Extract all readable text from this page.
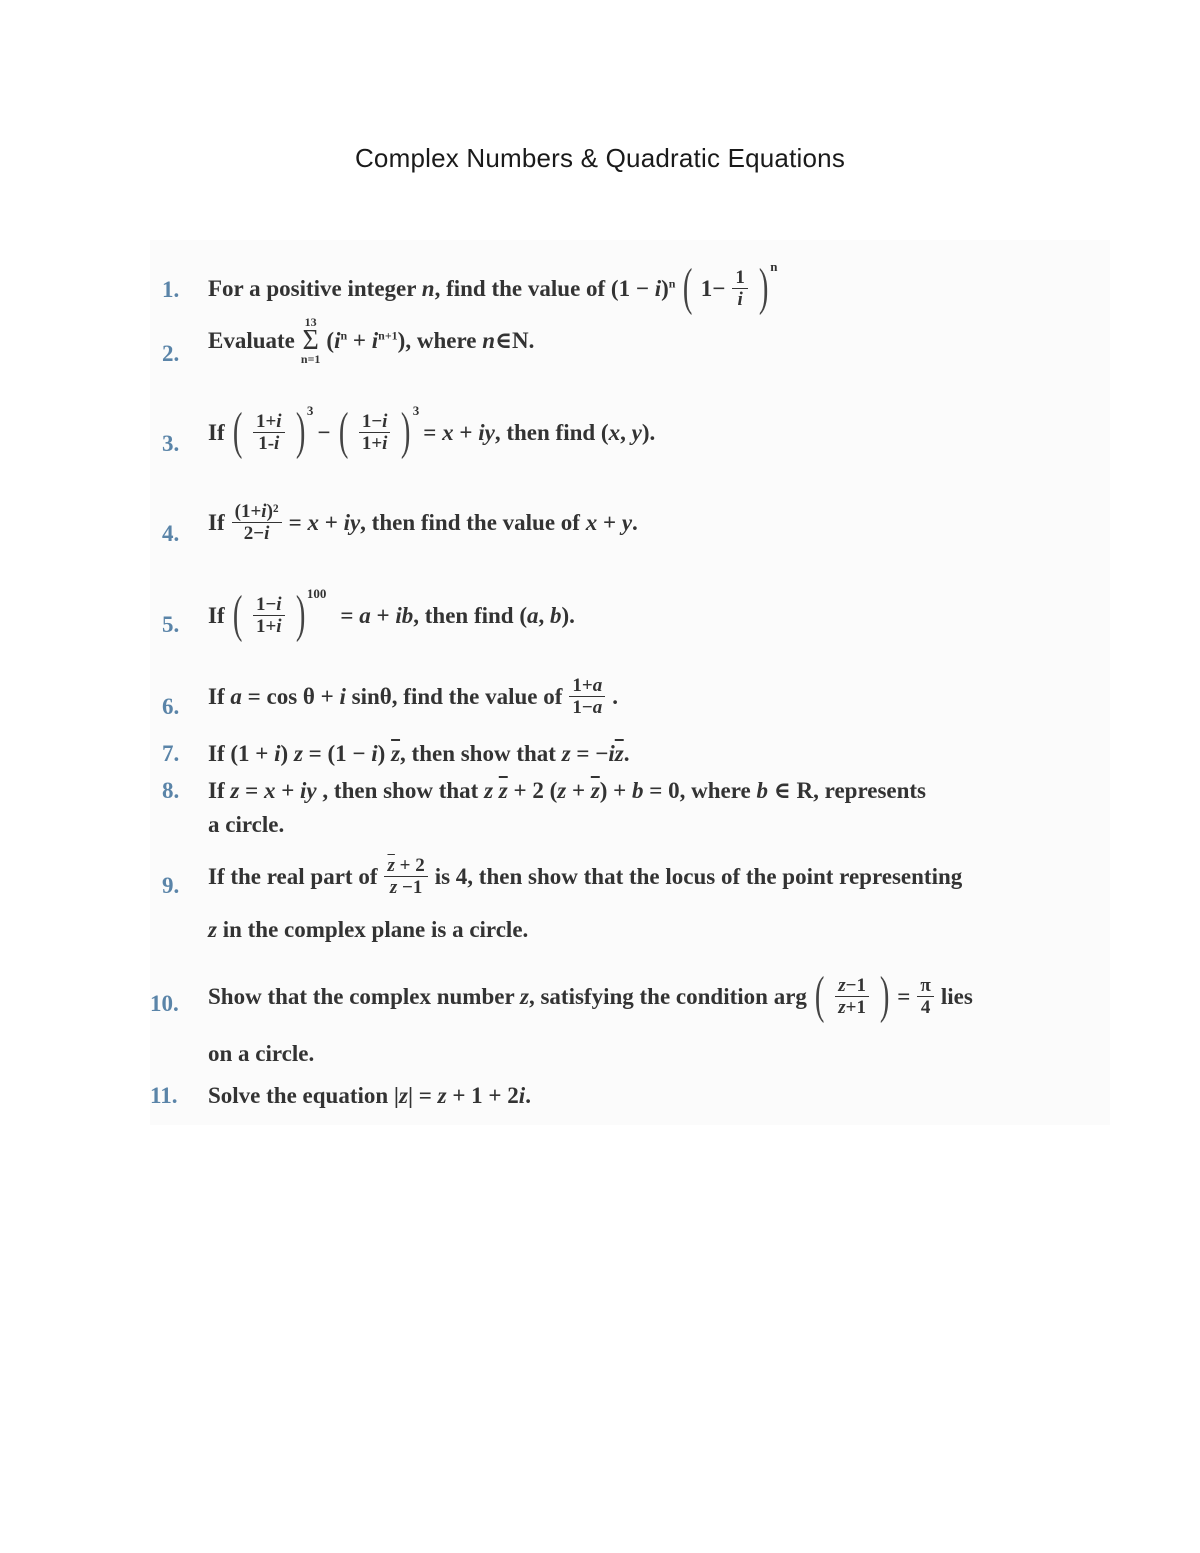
Complex Numbers & Quadratic Equations
1.	For a positive integer n, find the value of $(1 - i)^n$ ( $1- \frac{1}{i}$ ) n
2.
Evaluate
13
Σ
n=1
$(i^n + i^{n+1})$, where n∈N.
3.	If ( $\frac{1+i}{1-i}$ ) 3
− ( $\frac{1-i}{1+i}$ ) 3
= x + iy, then find (x, y).
4.	If $\frac{\text{(1+i)²}}{2-i} = x$ + iy, then find the value of x + y.
5.	If ( $\frac{1-i}{1+i}$ ) 100
= a + ib, then find (a, b).
6.	If a = cos θ + i sinθ, find the value of $\frac{1+a}{1-a}$ .
7.	If (1 + i) z = (1 − i) $\overline{z}$, then show that $z = -i\overline{z}$.
8.	If z = x + iy , then show that z $\overline{z} + 2$ $(z + \overline{z}) + b = 0$, where b ∈ R, represents
a circle.
9.	If the real part of $\frac{\overline{z} + 2}{\overline{z} -1}$ is 4, then show that the locus of the point representing
z in the complex plane is a circle.
10.	Show that the complex number z, satisfying the condition arg ( $\frac{z-1}{z+1}$ ) = $\frac{\pi}{4}$ lies
on a circle.
11.	Solve the equation |z| = z + 1 + 2i.
